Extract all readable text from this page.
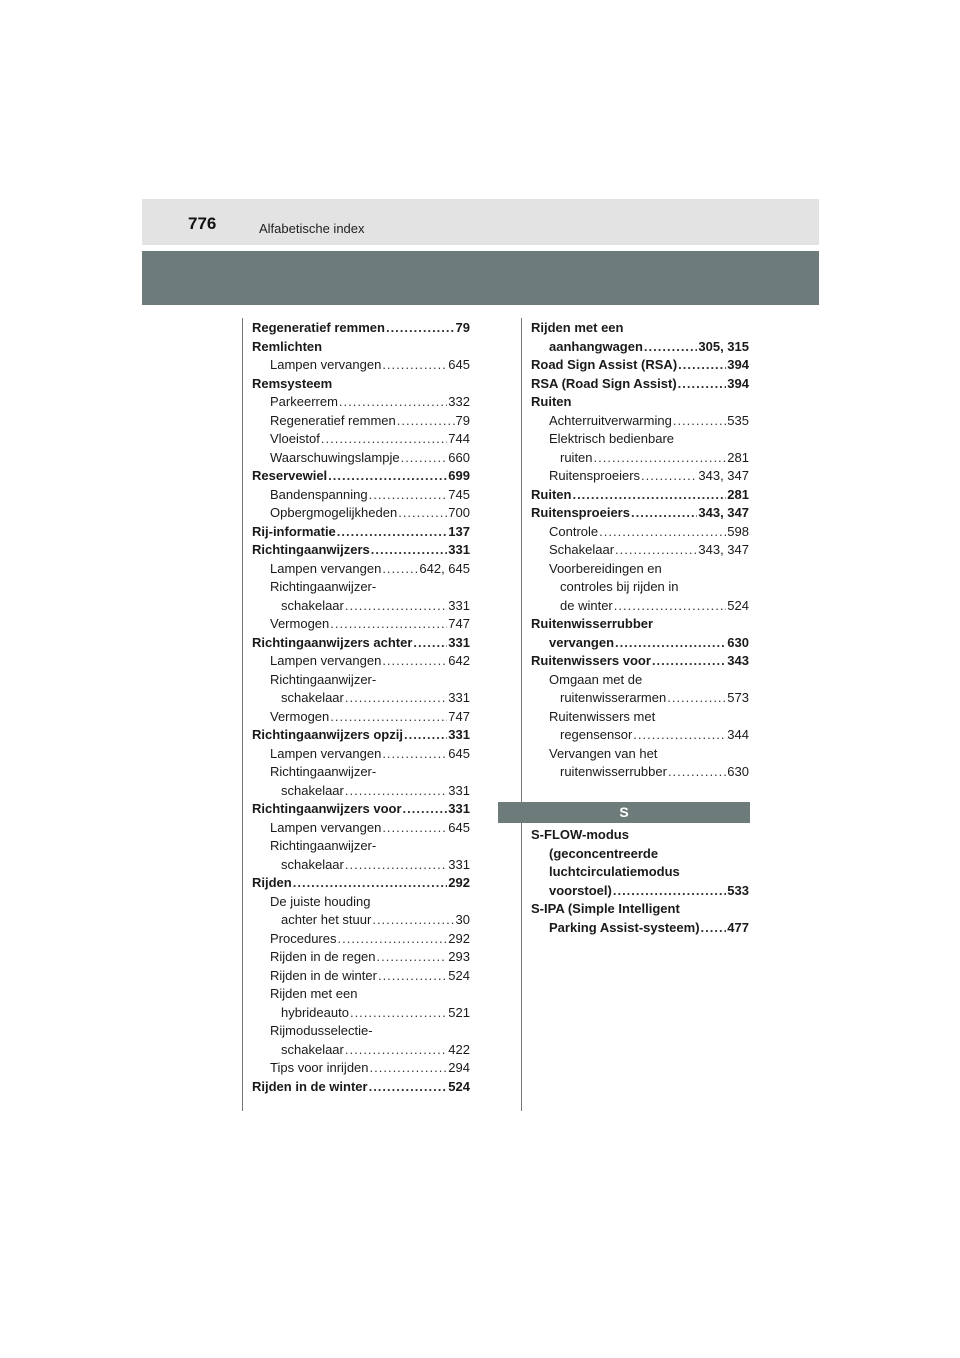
776	Alfabetische index
Regeneratief remmen .....	79
Remlichten
Lampen vervangen .....	645
Remsysteem
Parkeerrem .....	332
Regeneratief remmen .....	79
Vloeistof .....	744
Waarschuwingslampje .....	660
Reservewiel .....	699
Bandenspanning .....	745
Opbergmogelijkheden .....	700
Rij-informatie .....	137
Richtingaanwijzers .....	331
Lampen vervangen .....	642, 645
Richtingaanwijzer-
schakelaar .....	331
Vermogen .....	747
Richtingaanwijzers achter .....	331
Lampen vervangen .....	642
Richtingaanwijzer-
schakelaar .....	331
Vermogen .....	747
Richtingaanwijzers opzij .....	331
Lampen vervangen .....	645
Richtingaanwijzer-
schakelaar .....	331
Richtingaanwijzers voor .....	331
Lampen vervangen .....	645
Richtingaanwijzer-
schakelaar .....	331
Rijden .....	292
De juiste houding
achter het stuur .....	30
Procedures .....	292
Rijden in de regen .....	293
Rijden in de winter .....	524
Rijden met een
hybrideauto .....	521
Rijmodusselectie-
schakelaar .....	422
Tips voor inrijden .....	294
Rijden in de winter .....	524
Rijden met een
aanhangwagen .....	305, 315
Road Sign Assist (RSA) .....	394
RSA (Road Sign Assist) .....	394
Ruiten
Achterruitverwarming .....	535
Elektrisch bedienbare
ruiten .....	281
Ruitensproeiers .....	343, 347
Ruiten .....	281
Ruitensproeiers .....	343, 347
Controle .....	598
Schakelaar .....	343, 347
Voorbereidingen en
controles bij rijden in
de winter .....	524
Ruitenwisserrubber
vervangen .....	630
Ruitenwissers voor .....	343
Omgaan met de
ruitenwisserarmen .....	573
Ruitenwissers met
regensensor .....	344
Vervangen van het
ruitenwisserrubber .....	630
S
S-FLOW-modus
(geconcentreerde
luchtcirculatiemodus
voorstoel) .....	533
S-IPA (Simple Intelligent
Parking Assist-systeem) ..... 477
